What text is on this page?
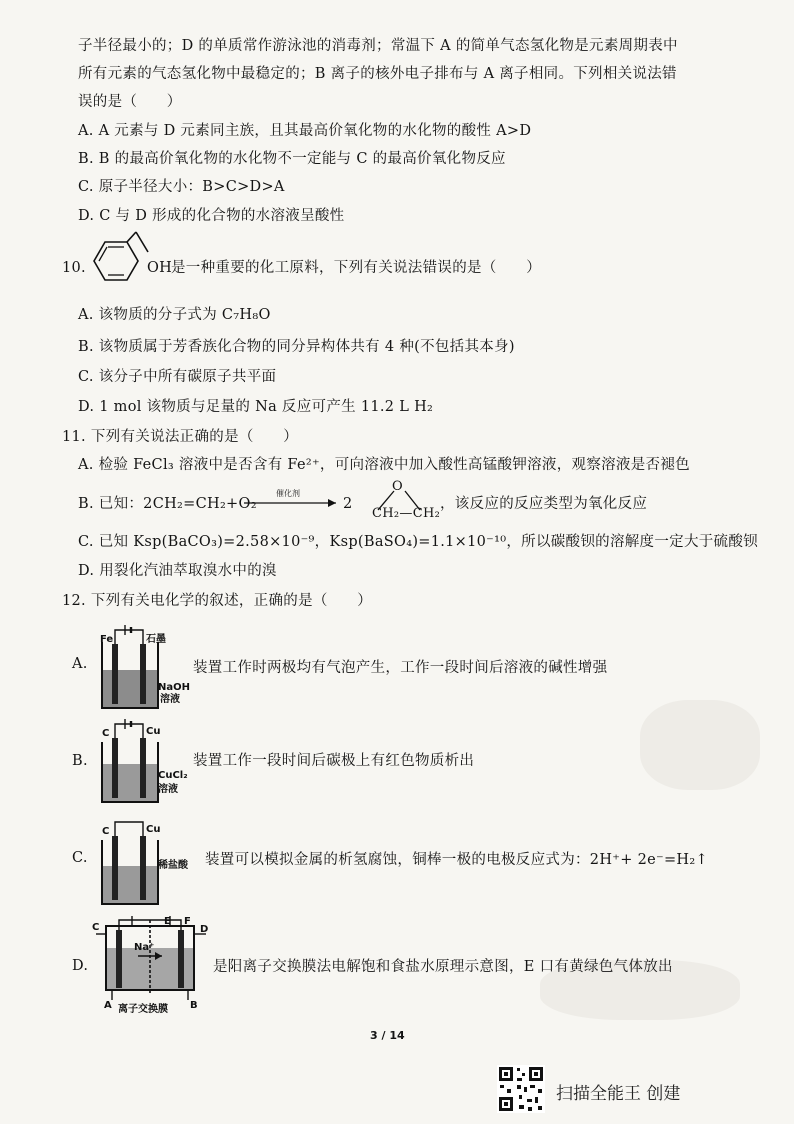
子半径最小的；D 的单质常作游泳池的消毒剂；常温下 A 的简单气态氢化物是元素周期表中
所有元素的气态氢化物中最稳定的；B 离子的核外电子排布与 A 离子相同。下列相关说法错
误的是（　　）
A. A 元素与 D 元素同主族，且其最高价氧化物的水化物的酸性 A>D
B. B 的最高价氧化物的水化物不一定能与 C 的最高价氧化物反应
C. 原子半径大小：B>C>D>A
D. C 与 D 形成的化合物的水溶液呈酸性
10.	OH
是一种重要的化工原料，下列有关说法错误的是（　　）
A. 该物质的分子式为 C₇H₈O
B. 该物质属于芳香族化合物的同分异构体共有 4 种(不包括其本身)
C. 该分子中所有碳原子共平面
D. 1 mol 该物质与足量的 Na 反应可产生 11.2 L H₂
11. 下列有关说法正确的是（　　）
A. 检验 FeCl₃ 溶液中是否含有 Fe²⁺，可向溶液中加入酸性高锰酸钾溶液，观察溶液是否褪色
B. 已知：2CH₂=CH₂+O₂
催化剂
2
O
CH₂—CH₂
，该反应的反应类型为氧化反应
C. 已知 Ksp(BaCO₃)=2.58×10⁻⁹，Ksp(BaSO₄)=1.1×10⁻¹⁰，所以碳酸钡的溶解度一定大于硫酸钡
D. 用裂化汽油萃取溴水中的溴
12. 下列有关电化学的叙述，正确的是（　　）
A.
Fe	石墨
NaOH
溶液
装置工作时两极均有气泡产生，工作一段时间后溶液的碱性增强
B.
C	Cu
CuCl₂
溶液
装置工作一段时间后碳极上有红色物质析出
C.
C	Cu
稀盐酸 装置可以模拟金属的析氢腐蚀，铜棒一极的电极反应式为：2H⁺+ 2e⁻=H₂↑
D.
C
E F
D
Na⁺
A	B
离子交换膜
是阳离子交换膜法电解饱和食盐水原理示意图，E 口有黄绿色气体放出
3 / 14
扫描全能王 创建
